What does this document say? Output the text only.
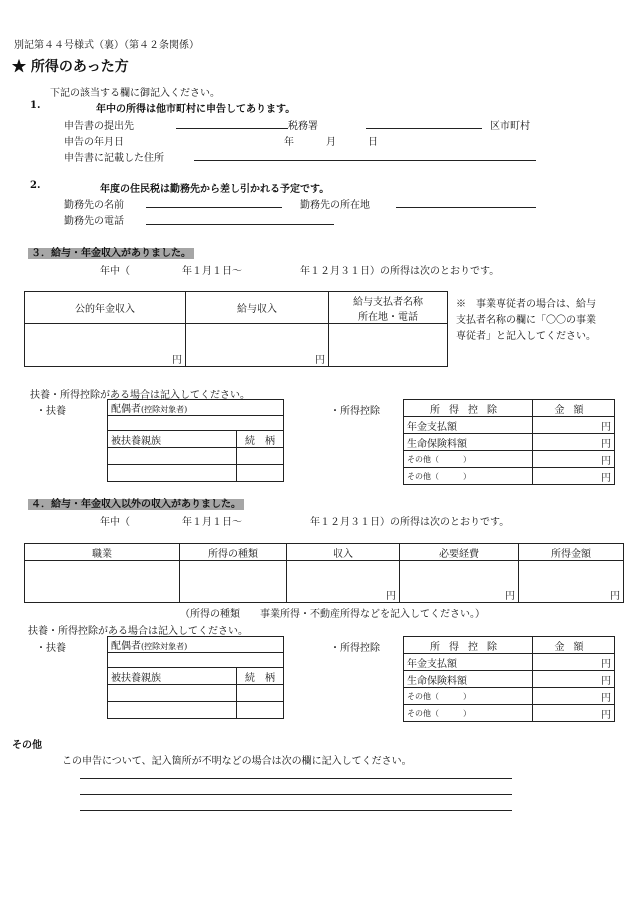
別記第４４号様式（裏）（第４２条関係）
★ 所得のあった方
下記の該当する欄に御記入ください。
1.	年中の所得は他市町村に申告してあります。
申告書の提出先	税務署	区市町村
申告の年月日	年	月	日
申告書に記載した住所
2.	年度の住民税は勤務先から差し引かれる予定です。
勤務先の名前	勤務先の所在地
勤務先の電話
３．給与・年金収入がありました。
年中（	年１月１日～	年１２月３１日）の所得は次のとおりです。
公的年金収入	給与収入	給与支払者名称
所在地・電話
円	円	
※　事業専従者の場合は、給与
支払者名称の欄に「〇〇の事業
専従者」と記入してください。
扶養・所得控除がある場合は記入してください。
・扶養	配偶者(控除対象者)	

被扶養親族	続　柄

・所得控除	所得控除	金額
年金支払額	円
生命保険料額	円
その他（　　　）	円
その他（　　　）	円
４．給与・年金収入以外の収入がありました。
年中（	年１月１日～	年１２月３１日）の所得は次のとおりです。
職業	所得の種類	収入	必要経費	所得金額
		円	円	円
（所得の種類　　事業所得・不動産所得などを記入してください。）
扶養・所得控除がある場合は記入してください。
・扶養	配偶者(控除対象者)	

被扶養親族	続　柄

・所得控除	所得控除	金額
年金支払額	円
生命保険料額	円
その他（　　　）	円
その他（　　　）	円
その他
この申告について、記入箇所が不明などの場合は次の欄に記入してください。
